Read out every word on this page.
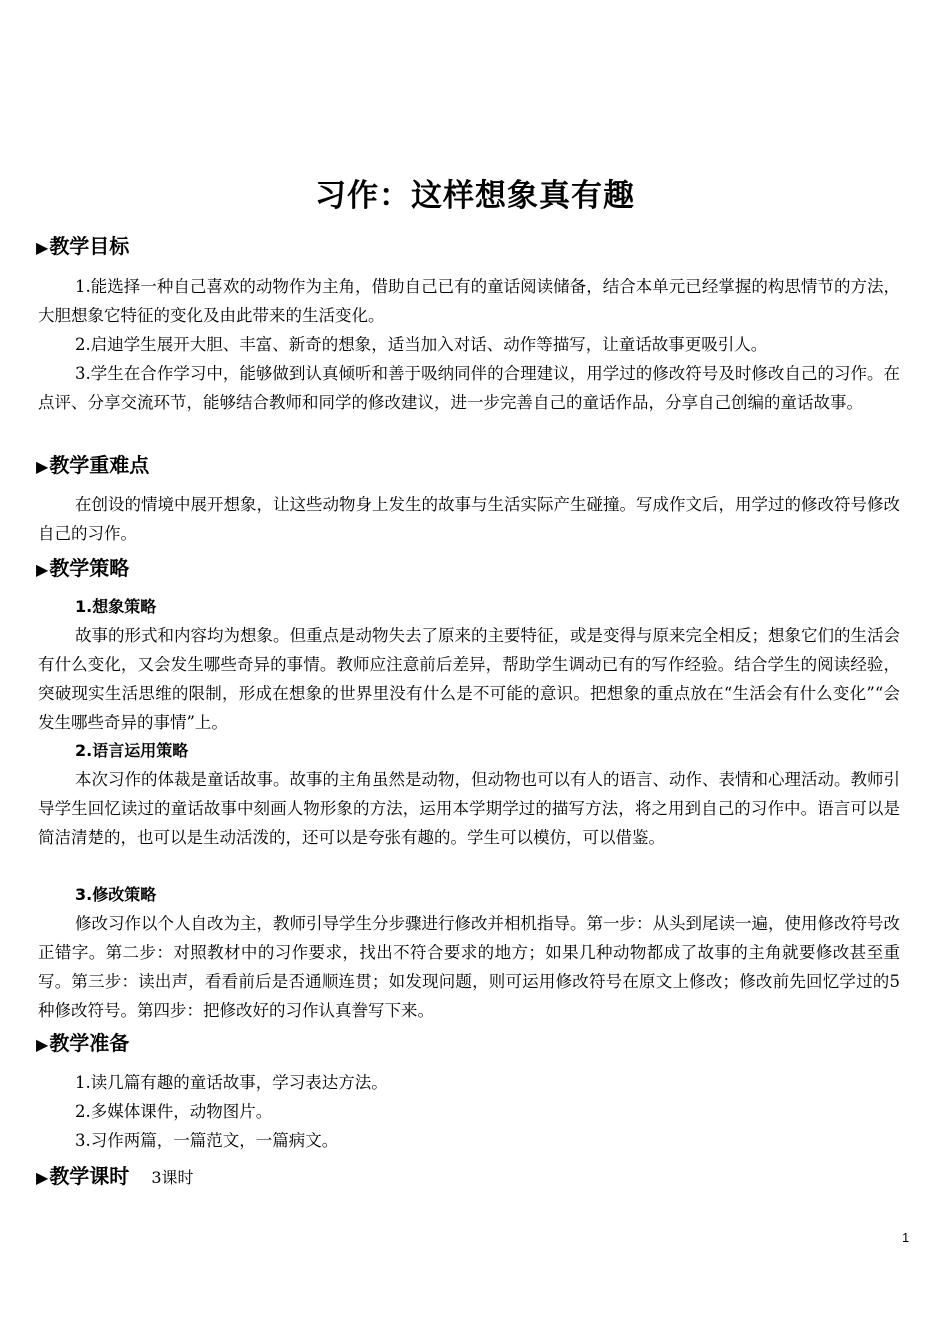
习作：这样想象真有趣
▶教学目标

1.能选择一种自己喜欢的动物作为主角，借助自己已有的童话阅读储备，结合本单元已经掌握的构思情节的方法，大胆想象它特征的变化及由此带来的生活变化。

2.启迪学生展开大胆、丰富、新奇的想象，适当加入对话、动作等描写，让童话故事更吸引人。

3.学生在合作学习中，能够做到认真倾听和善于吸纳同伴的合理建议，用学过的修改符号及时修改自己的习作。在点评、分享交流环节，能够结合教师和同学的修改建议，进一步完善自己的童话作品，分享自己创编的童话故事。

▶教学重难点

在创设的情境中展开想象，让这些动物身上发生的故事与生活实际产生碰撞。写成作文后，用学过的修改符号修改自己的习作。

▶教学策略
1.想象策略

故事的形式和内容均为想象。但重点是动物失去了原来的主要特征，或是变得与原来完全相反；想象它们的生活会有什么变化，又会发生哪些奇异的事情。教师应注意前后差异，帮助学生调动已有的写作经验。结合学生的阅读经验，突破现实生活思维的限制，形成在想象的世界里没有什么是不可能的意识。把想象的重点放在“生活会有什么变化”“会发生哪些奇异的事情”上。

2.语言运用策略

本次习作的体裁是童话故事。故事的主角虽然是动物，但动物也可以有人的语言、动作、表情和心理活动。教师引导学生回忆读过的童话故事中刻画人物形象的方法，运用本学期学过的描写方法，将之用到自己的习作中。语言可以是简洁清楚的，也可以是生动活泼的，还可以是夸张有趣的。学生可以模仿，可以借鉴。

3.修改策略

修改习作以个人自改为主，教师引导学生分步骤进行修改并相机指导。第一步：从头到尾读一遍，使用修改符号改正错字。第二步：对照教材中的习作要求，找出不符合要求的地方；如果几种动物都成了故事的主角就要修改甚至重写。第三步：读出声，看看前后是否通顺连贯；如发现问题，则可运用修改符号在原文上修改；修改前先回忆学过的5种修改符号。第四步：把修改好的习作认真誊写下来。

▶教学准备

1.读几篇有趣的童话故事，学习表达方法。

2.多媒体课件，动物图片。

3.习作两篇，一篇范文，一篇病文。

▶教学课时 3课时
1
